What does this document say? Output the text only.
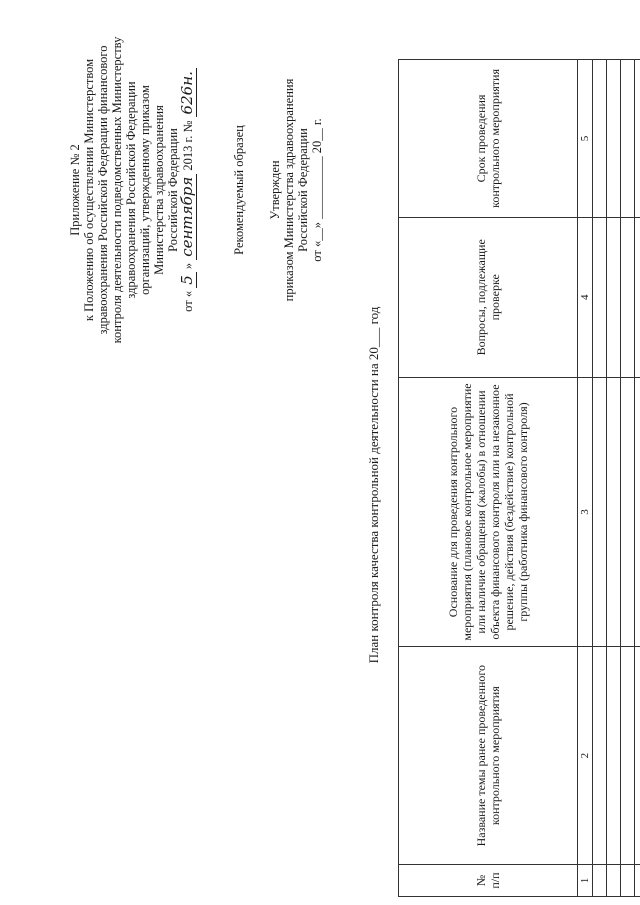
Приложение № 2 к Положению об осуществлении Министерством здравоохранения Российской Федерации финансового контроля деятельности подведомственных Министерству здравоохранения Российской Федерации организаций, утвержденному приказом Министерства здравоохранения Российской Федерации
от « 5 » сентября 2013 г. № 626н.
Рекомендуемый образец Утвержден приказом Министерства здравоохранения Российской Федерации от «__» __________ 20__ г.
План контроля качества контрольной деятельности на 20___ год
№ п/п	Название темы ранее проведенного контрольного мероприятия	Основание для проведения контрольного мероприятия (плановое контрольное мероприятие или наличие обращения (жалобы) в отношении объекта финансового контроля или на незаконное решение, действия (бездействие) контрольной группы (работника финансового контроля)	Вопросы, подлежащие проверке	Срок проведения контрольного мероприятия
1	2	3	4	5
